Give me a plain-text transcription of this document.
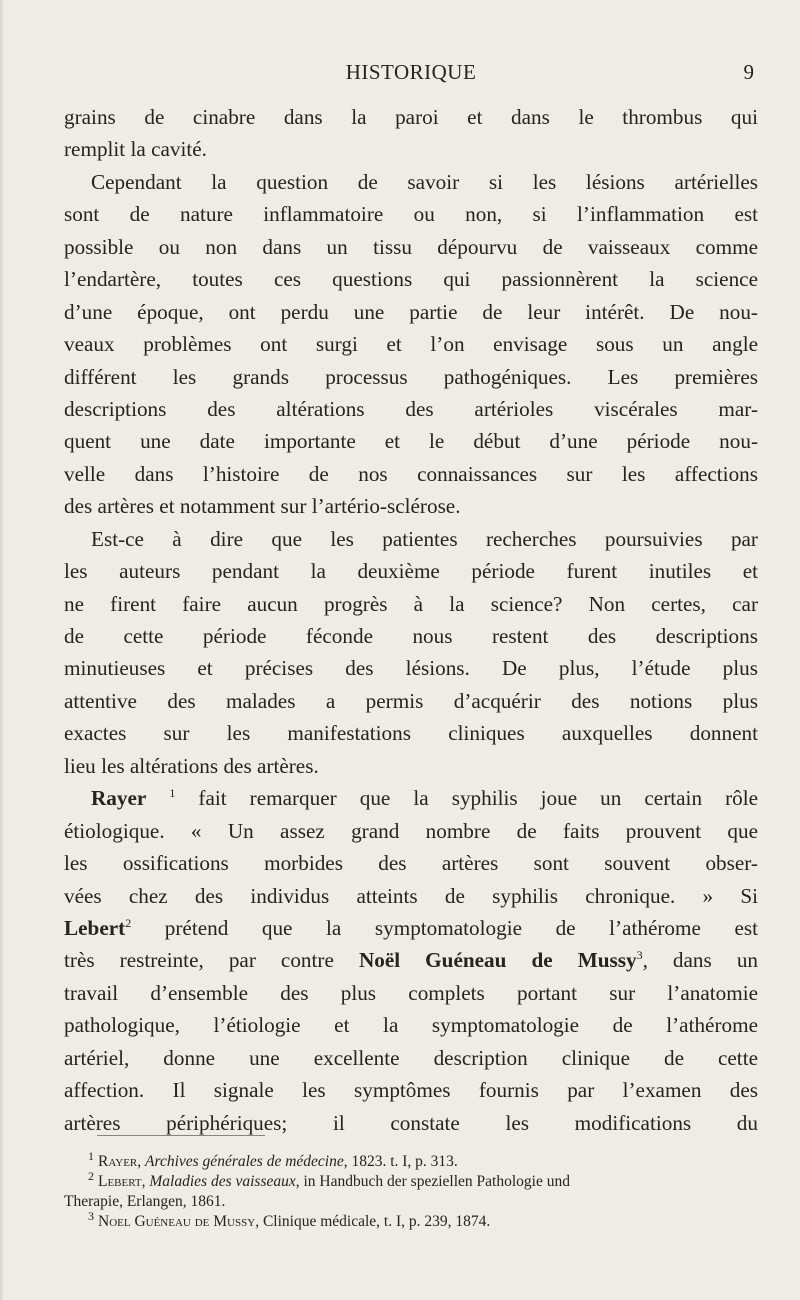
HISTORIQUE	9
grains de cinabre dans la paroi et dans le thrombus qui
remplit la cavité.
Cependant la question de savoir si les lésions artérielles
sont de nature inflammatoire ou non, si l’inflammation est
possible ou non dans un tissu dépourvu de vaisseaux comme
l’endartère, toutes ces questions qui passionnèrent la science
d’une époque, ont perdu une partie de leur intérêt. De nou-
veaux problèmes ont surgi et l’on envisage sous un angle
différent les grands processus pathogéniques. Les premières
descriptions des altérations des artérioles viscérales mar-
quent une date importante et le début d’une période nou-
velle dans l’histoire de nos connaissances sur les affections
des artères et notamment sur l’artério-sclérose.
Est-ce à dire que les patientes recherches poursuivies par
les auteurs pendant la deuxième période furent inutiles et
ne firent faire aucun progrès à la science? Non certes, car
de cette période féconde nous restent des descriptions
minutieuses et précises des lésions. De plus, l’étude plus
attentive des malades a permis d’acquérir des notions plus
exactes sur les manifestations cliniques auxquelles donnent
lieu les altérations des artères.
Rayer $^1$ fait remarquer que la syphilis joue un certain rôle
étiologique. « Un assez grand nombre de faits prouvent que
les ossifications morbides des artères sont souvent obser-
vées chez des individus atteints de syphilis chronique. » Si
Lebert$^2$ prétend que la symptomatologie de l’athérome est
très restreinte, par contre Noël Guéneau de Mussy$^3$, dans un
travail d’ensemble des plus complets portant sur l’anatomie
pathologique, l’étiologie et la symptomatologie de l’athérome
artériel, donne une excellente description clinique de cette
affection. Il signale les symptômes fournis par l’examen des
artères périphériques; il constate les modifications du
$^1$ Rayer, Archives générales de médecine, 1823. t. I, p. 313.
$^2$ Lebert, Maladies des vaisseaux, in Handbuch der speziellen Pathologie und
Therapie, Erlangen, 1861.
$^3$ Noel Guéneau de Mussy, Clinique médicale, t. I, p. 239, 1874.
